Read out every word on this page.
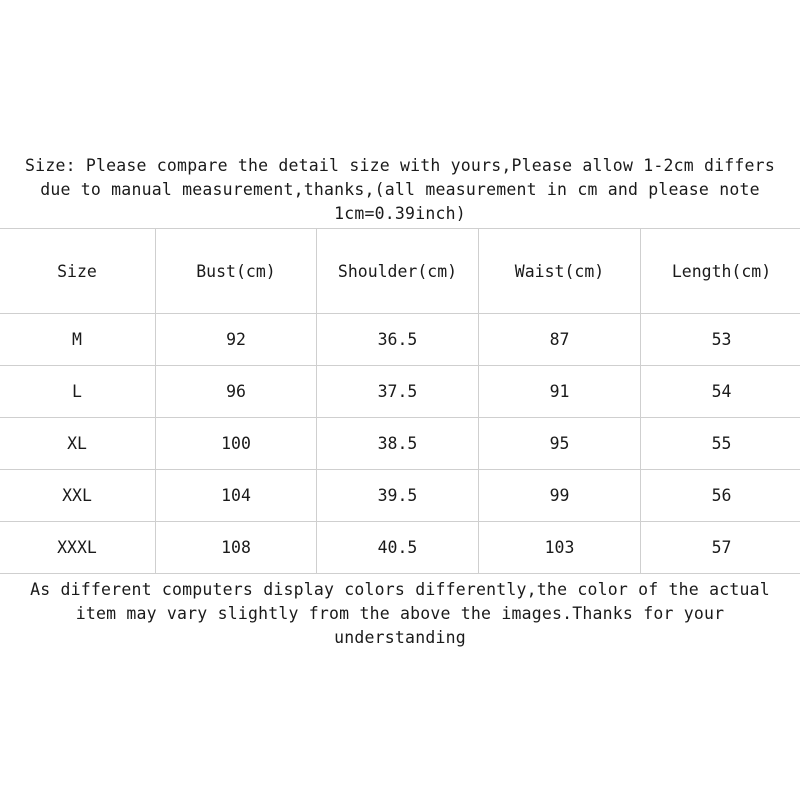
Size: Please compare the detail size with yours,Please allow 1-2cm differs
due to manual measurement,thanks,(all measurement in cm and please note
1cm=0.39inch)
Size	Bust(cm)	Shoulder(cm)	Waist(cm)	Length(cm)
M	92	36.5	87	53
L	96	37.5	91	54
XL	100	38.5	95	55
XXL	104	39.5	99	56
XXXL	108	40.5	103	57
As different computers display colors differently,the color of the actual
item may vary slightly from the above the images.Thanks for your
understanding
